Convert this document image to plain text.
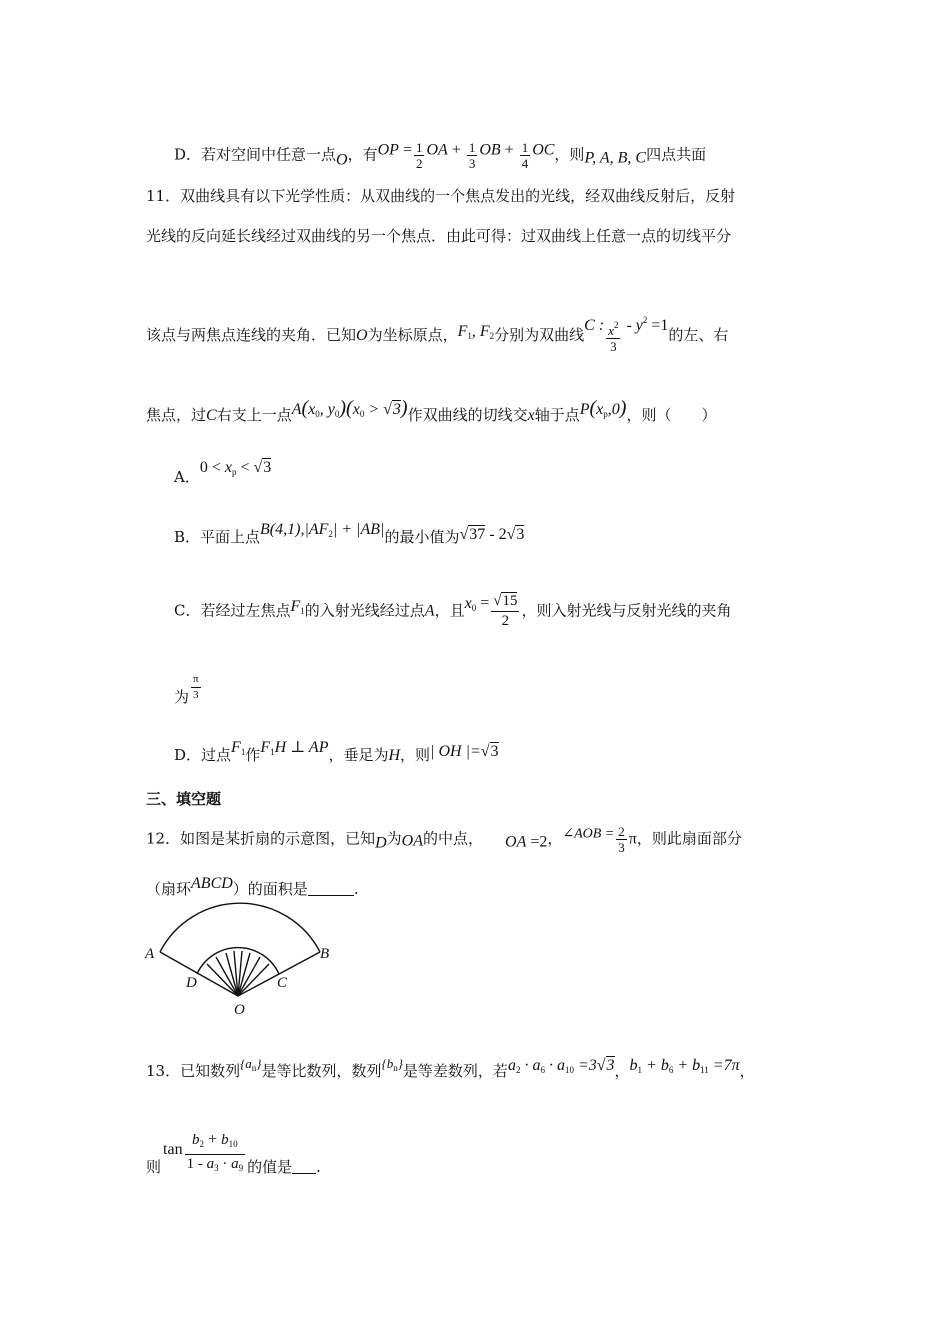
D．若对空间中任意一点O，有OP = $\frac{1}{2}$ OA + $\frac{1}{3}$ OB + $\frac{1}{4}$ OC，则P, A, B, C四点共面
11．双曲线具有以下光学性质：从双曲线的一个焦点发出的光线，经双曲线反射后，反射
光线的反向延长线经过双曲线的另一个焦点．由此可得：过双曲线上任意一点的切线平分
该点与两焦点连线的夹角．已知O为坐标原点，$F_1$, $F_2$分别为双曲线C : $\frac{x^2}{3} - y^2 =1$的左、右
焦点，过C右支上一点$A(x_0$, $y_0)(x_0 > √3)$作双曲线的切线交x轴于点$P(x_p,0)$，则（　　）
A．$0 < x_p < √3$
B．平面上点$B(4,1),|AF_2| + |AB|$的最小值为√37 - 2√3
C．若经过左焦点$F_1$的入射光线经过点A，且$x_0 = \frac{√15}{2}$ ，则入射光线与反射光线的夹角
为 $\frac{\pi}{3}$
D．过点$F_1$作$F_1H$ ⊥ AP，垂足为H，则| OH |=√3
三、填空题
12．如图是某折扇的示意图，已知D为OA的中点， OA =2，∠AOB = $\frac{2}{3}$ π，则此扇面部分
（扇环ABCD）的面积是	.
A	B
D	C
O
13．已知数列$\{a_n\}$是等比数列，数列$\{b_n\}$是等差数列，若$a_2 \cdot a_6 \cdot a_{10} =3√3$，$b_1 + b_6 + b_{11} =7\pi$，
则$\tan \frac{b_2 + b_{10}}{1 - a_3 \cdot a_9}$ 的值是 .
